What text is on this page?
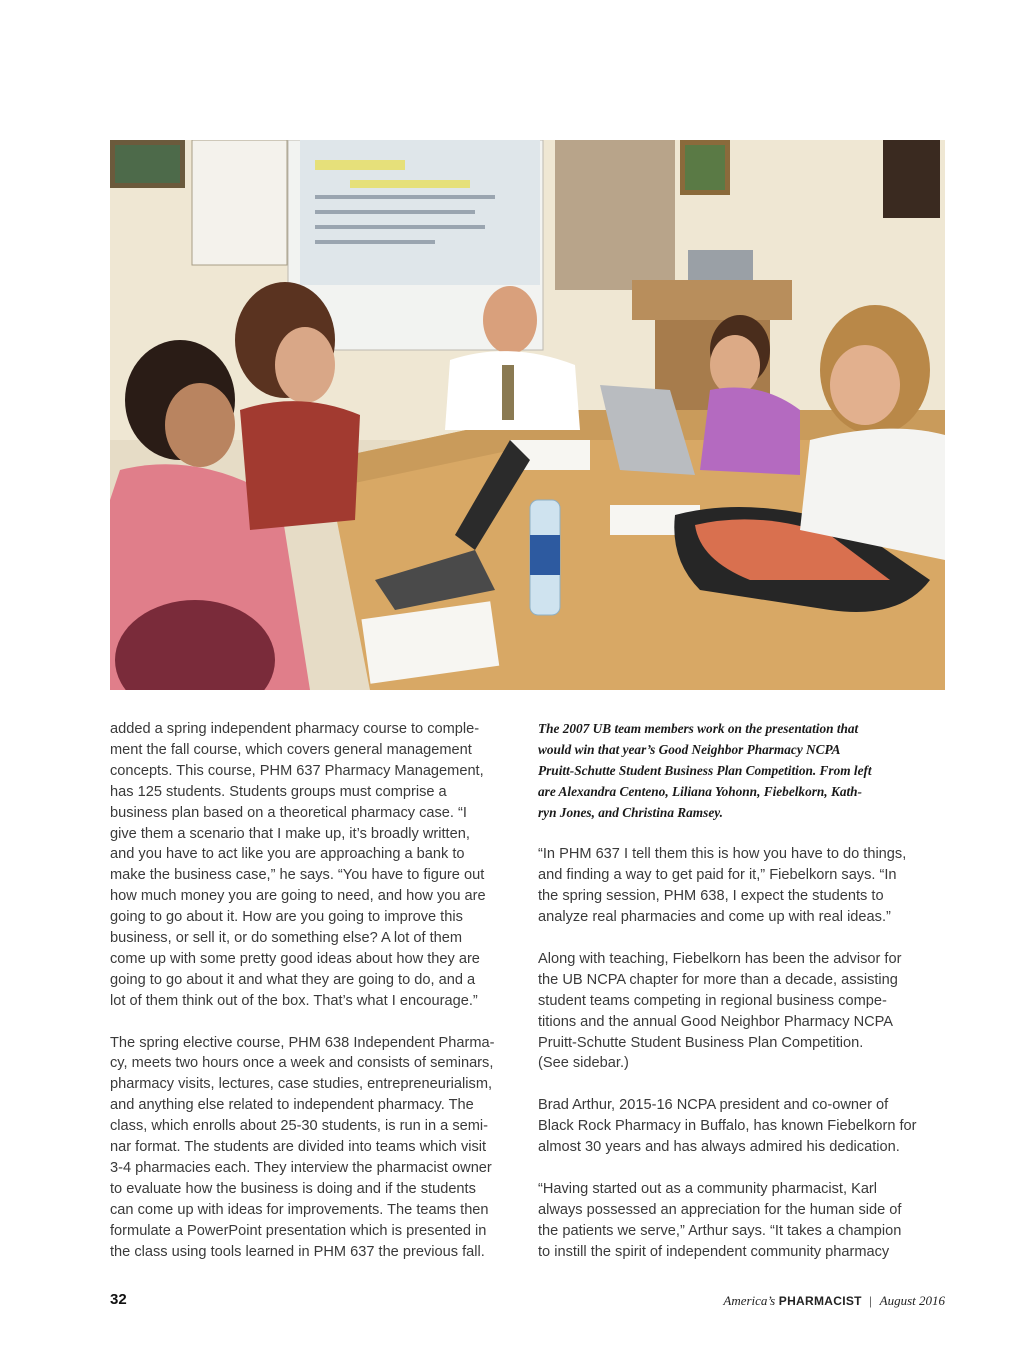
added a spring independent pharmacy course to comple-
ment the fall course, which covers general management
concepts. This course, PHM 637 Pharmacy Management,
has 125 students. Students groups must comprise a
business plan based on a theoretical pharmacy case. “I
give them a scenario that I make up, it’s broadly written,
and you have to act like you are approaching a bank to
make the business case,” he says. “You have to figure out
how much money you are going to need, and how you are
going to go about it. How are you going to improve this
business, or sell it, or do something else? A lot of them
come up with some pretty good ideas about how they are
going to go about it and what they are going to do, and a
lot of them think out of the box. That’s what I encourage.”

The spring elective course, PHM 638 Independent Pharma-
cy, meets two hours once a week and consists of seminars,
pharmacy visits, lectures, case studies, entrepreneurialism,
and anything else related to independent pharmacy. The
class, which enrolls about 25-30 students, is run in a semi-
nar format. The students are divided into teams which visit
3-4 pharmacies each. They interview the pharmacist owner
to evaluate how the business is doing and if the students
can come up with ideas for improvements. The teams then
formulate a PowerPoint presentation which is presented in
the class using tools learned in PHM 637 the previous fall.

The 2007 UB team members work on the presentation that
would win that year’s Good Neighbor Pharmacy NCPA
Pruitt-Schutte Student Business Plan Competition. From left
are Alexandra Centeno, Liliana Yohonn, Fiebelkorn, Kath-
ryn Jones, and Christina Ramsey.

“In PHM 637 I tell them this is how you have to do things,
and finding a way to get paid for it,” Fiebelkorn says. “In
the spring session, PHM 638, I expect the students to
analyze real pharmacies and come up with real ideas.”

Along with teaching, Fiebelkorn has been the advisor for
the UB NCPA chapter for more than a decade, assisting
student teams competing in regional business compe-
titions and the annual Good Neighbor Pharmacy NCPA
Pruitt-Schutte Student Business Plan Competition.
(See sidebar.)

Brad Arthur, 2015-16 NCPA president and co-owner of
Black Rock Pharmacy in Buffalo, has known Fiebelkorn for
almost 30 years and has always admired his dedication.

“Having started out as a community pharmacist, Karl
always possessed an appreciation for the human side of
the patients we serve,” Arthur says. “It takes a champion
to instill the spirit of independent community pharmacy

32	America’s PHARMACIST | August 2016
